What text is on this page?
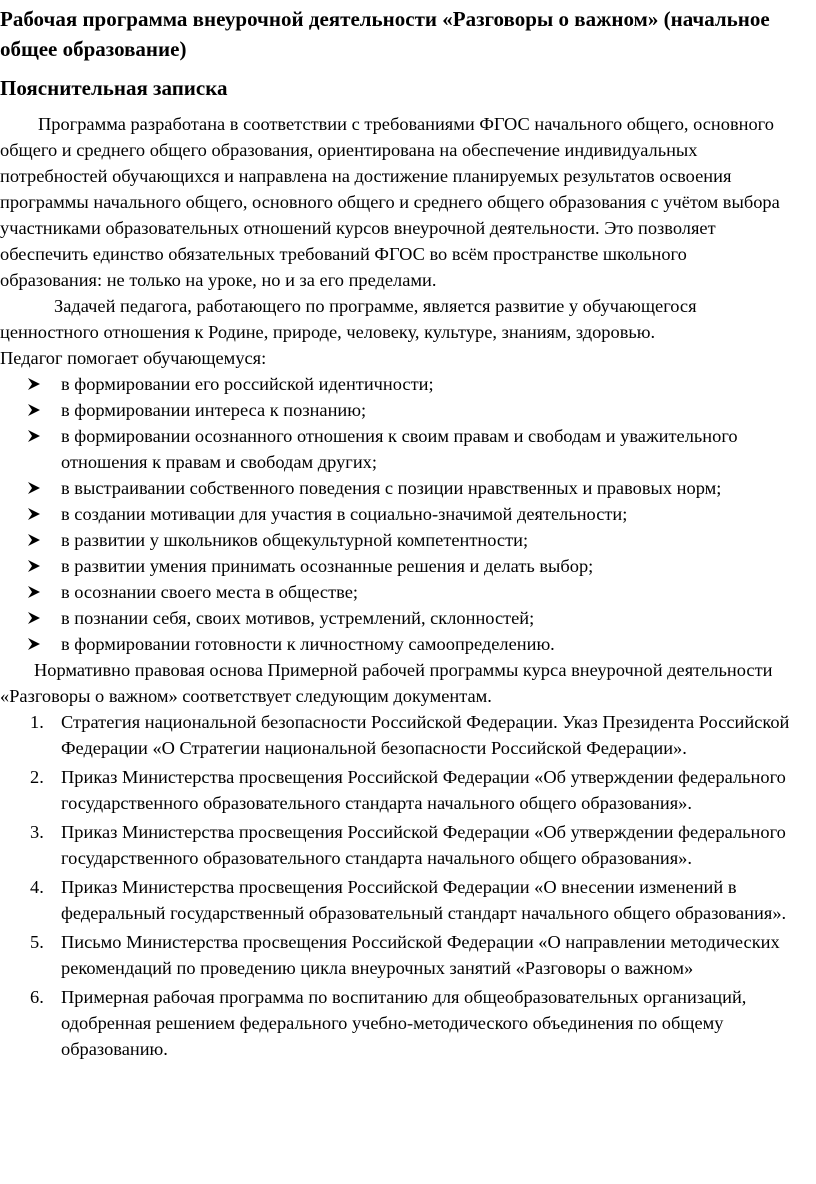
Рабочая программа внеурочной деятельности «Разговоры о важном» (начальное общее образование)
Пояснительная записка

Программа разработана в соответствии с требованиями ФГОС начального общего, основного общего и среднего общего образования, ориентирована на обеспечение индивидуальных потребностей обучающихся и направлена на достижение планируемых результатов освоения программы начального общего, основного общего и среднего общего образования с учётом выбора участниками образовательных отношений курсов внеурочной деятельности. Это позволяет обеспечить единство обязательных требований ФГОС во всём пространстве школьного образования: не только на уроке, но и за его пределами.

Задачей педагога, работающего по программе, является развитие у обучающегося ценностного отношения к Родине, природе, человеку, культуре, знаниям, здоровью.

Педагог помогает обучающемуся:

в формировании его российской идентичности;
в формировании интереса к познанию;
в формировании осознанного отношения к своим правам и свободам и уважительного отношения к правам и свободам других;
в выстраивании собственного поведения с позиции нравственных и правовых норм;
в создании мотивации для участия в социально-значимой деятельности;
в развитии у школьников общекультурной компетентности;
в развитии умения принимать осознанные решения и делать выбор;
в осознании своего места в обществе;
в познании себя, своих мотивов, устремлений, склонностей;
в формировании готовности к личностному самоопределению.

Нормативно правовая основа Примерной рабочей программы курса внеурочной деятельности «Разговоры о важном» соответствует следующим документам.

1. Стратегия национальной безопасности Российской Федерации. Указ Президента Российской Федерации «О Стратегии национальной безопасности Российской Федерации».
2. Приказ Министерства просвещения Российской Федерации «Об утверждении федерального государственного образовательного стандарта начального общего образования».
3. Приказ Министерства просвещения Российской Федерации «Об утверждении федерального государственного образовательного стандарта начального общего образования».
4. Приказ Министерства просвещения Российской Федерации «О внесении изменений в федеральный государственный образовательный стандарт начального общего образования».
5. Письмо Министерства просвещения Российской Федерации «О направлении методических рекомендаций по проведению цикла внеурочных занятий «Разговоры о важном»
6. Примерная рабочая программа по воспитанию для общеобразовательных организаций, одобренная решением федерального учебно-методического объединения по общему образованию.
